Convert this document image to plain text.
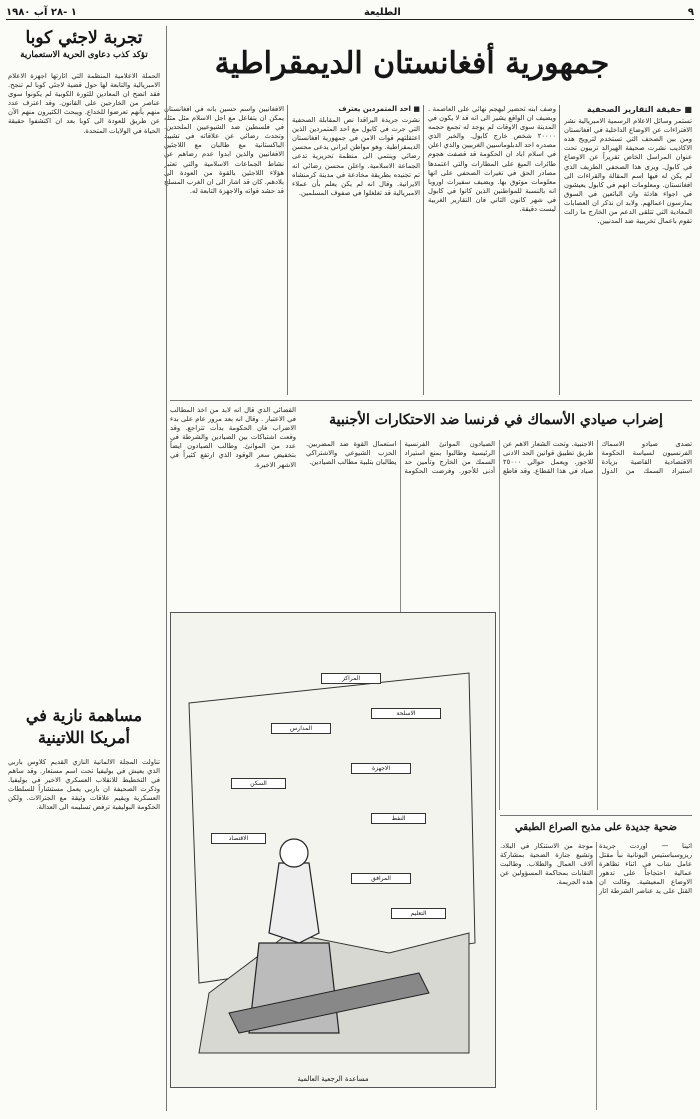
٩
الطليعة
١ -٢٨ آب ١٩٨٠
جمهورية أفغانستان الديمقراطية
■ حقيقة التقارير الصحفية
تستمر وسائل الاعلام الرسمية الامبريالية نشر الافتراءات عن الاوضاع الداخلية في افغانستان ومن بين الصحف التي تستخدم لترويج هذه الاكاذيب نشرت صحيفة الهيرالد تربيون تحت عنوان المراسل الخاص تقريراً عن الاوضاع في كابول. ويرى هذا الصحفي الطريف الذي لم يكن له فيها اسم المقالة والقراءات الى افغانستان. ومعلومات انهم في كابول يعيشون في اجواء هادئة وان البائعين في السوق يمارسون اعمالهم. ولابد ان نذكر ان العصابات المعادية التي تتلقى الدعم من الخارج ما زالت تقوم باعمال تخريبية ضد المدنيين.
وصف ابنه تحضير ليهجم نهائي على العاصمة . ويضيف ان الواقع يشير الى انه قد لا يكون في المدينة سوى الاوقات لم يوجد له تجمع حجمه ٢٠٠٠٠ شخص خارج كابول. والخبر الذي مصدره احد الدبلوماسيين الغربيين والذي اعلن في اسلام اباد ان الحكومة قد قصفت هجوم طائرات الميغ على المطارات والتي اعتمدها مصادر الحق في تغيرات الصحفي على انها معلومات موثوق بها. ويضيف سفيرات اوروبا انه بالنسبة للمواطنين الذين كانوا في كابول في شهر كانون الثاني فان التقارير الغربية ليست دقيقة.
■ احد المتمردين يعترف
نشرت جريدة البراقدا نص المقابلة الصحفية التي جرت في كابول مع احد المتمردين الذين اعتقلتهم قوات الامن في جمهورية افغانستان الديمقراطية. وهو مواطن ايراني يدعى محسن رضائي وينتمي الى منظمة تحريرية تدعى الجماعة الاسلامية. واعلن محسن رضائي انه تم تجنيده بطريقة مخادعة في مدينة كرمنشاه الايرانية. وقال انه لم يكن يعلم بأن عملاء الامبريالية قد تغلغلوا في صفوف المسلمين.
الافغانيين واسم حسين بانه في افغانستان يمكن ان يتفاعل مع اجل الاسلام مثل مثله في فلسطين ضد الشيوعيين الملحدين. وتحدث رضائي عن علاقاته في تشييد الباكستانية مع طالبان مع اللاجئين الافغانيين والذين ابدوا عدم رضاهم عن نشاط الجماعات الاسلامية والتي تعتبر هؤلاء اللاجئين بالقوة من العودة الى بلادهم. كان قد اشار الى ان الغرب المسلح قد حشد قواته والاجهزة التابعة له.
تجربة لاجئي كوبا
تؤكد كذب دعاوى الحرية الاستعمارية
الحملة الاعلامية المنظمة التي اثارتها اجهزة الاعلام الامبريالية والتابعة لها حول قضية لاجئي كوبا لم تنجح. فقد اتضح ان المعادين للثورة الكوبية لم يكونوا سوى عناصر من الخارجين على القانون. وقد اعترف عدد منهم بأنهم تعرضوا للخداع. ويبحث الكثيرون منهم الآن عن طريق للعودة الى كوبا بعد ان اكتشفوا حقيقة الحياة في الولايات المتحدة.
مساهمة نازية في أمريكا اللاتينية
تناولت المجلة الالمانية النازي القديم كلاوس باربي الذي يعيش في بوليفيا تحت اسم مستعار. وقد ساهم في التخطيط للانقلاب العسكري الاخير في بوليفيا. وذكرت الصحيفة ان باربي يعمل مستشاراً للسلطات العسكرية ويقيم علاقات وثيقة مع الجنرالات. ولكن الحكومة البوليفية ترفض تسليمه الى العدالة.
إضراب صيادي الأسماك في فرنسا ضد الاحتكارات الأجنبية
تصدى صيادو الاسماك الفرنسيون لسياسة الحكومة الاقتصادية القاضية بزيادة استيراد السمك من الدول الاجنبية. وتحت الشعار الاهم عن طريق تطبيق قوانين الحد الادنى للاجور. ويعمل حوالي ٢٥٠٠٠ صياد في هذا القطاع. وقد قاطع الصيادون الموانئ الفرنسية الرئيسية وطالبوا بمنع استيراد السمك من الخارج وتأمين حد أدنى للأجور. وفرضت الحكومة استعمال القوة ضد المضربين. الحزب الشيوعي والاشتراكي يطالبان بتلبية مطالب الصيادين.
القضائي الذي قال انه لابد من اخذ المطالب في الاعتبار . وقال انه بعد مرور عام على بدء الاضراب فان الحكومة بدأت تتراجع. وقد وقعت اشتباكات بين الصيادين والشرطة في عدد من الموانئ. وطالب الصيادون ايضاً بتخفيض سعر الوقود الذي ارتفع كثيراً في الاشهر الاخيرة.
المراكز
الاسلحة
المدارس
الاجهزة
السكن
النفط
الاقتصاد
المرافق
التعليم
مساعدة الرجعية العالمية
ضحية جديدة على مذبح الصراع الطبقي
اثينا — اوردت جريدة ريزوسباستيس اليونانية نبأ مقتل عامل شاب في اثناء تظاهرة عمالية احتجاجاً على تدهور الاوضاع المعيشية. وقالت ان القتل على يد عناصر الشرطة اثار موجة من الاستنكار في البلاد. وتشيع جنازة الضحية بمشاركة آلاف العمال والطلاب. وطالبت النقابات بمحاكمة المسؤولين عن هذه الجريمة.
